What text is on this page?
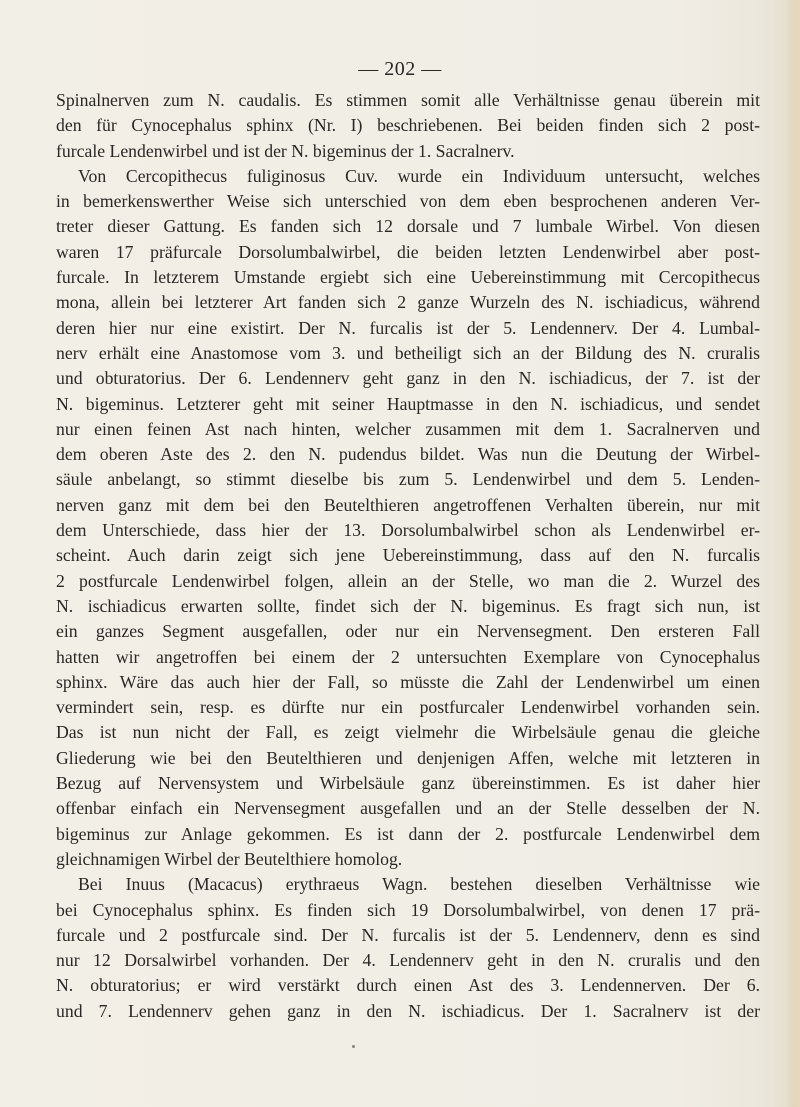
— 202 —

Spinalnerven zum N. caudalis. Es stimmen somit alle Verhältnisse genau überein mit
den für Cynocephalus sphinx (Nr. I) beschriebenen. Bei beiden finden sich 2 post-
furcale Lendenwirbel und ist der N. bigeminus der 1. Sacralnerv.

Von Cercopithecus fuliginosus Cuv. wurde ein Individuum untersucht, welches
in bemerkenswerther Weise sich unterschied von dem eben besprochenen anderen Ver-
treter dieser Gattung. Es fanden sich 12 dorsale und 7 lumbale Wirbel. Von diesen
waren 17 präfurcale Dorsolumbalwirbel, die beiden letzten Lendenwirbel aber post-
furcale. In letzterem Umstande ergiebt sich eine Uebereinstimmung mit Cercopithecus
mona, allein bei letzterer Art fanden sich 2 ganze Wurzeln des N. ischiadicus, während
deren hier nur eine existirt. Der N. furcalis ist der 5. Lendennerv. Der 4. Lumbal-
nerv erhält eine Anastomose vom 3. und betheiligt sich an der Bildung des N. cruralis
und obturatorius. Der 6. Lendennerv geht ganz in den N. ischiadicus, der 7. ist der
N. bigeminus. Letzterer geht mit seiner Hauptmasse in den N. ischiadicus, und sendet
nur einen feinen Ast nach hinten, welcher zusammen mit dem 1. Sacralnerven und
dem oberen Aste des 2. den N. pudendus bildet. Was nun die Deutung der Wirbel-
säule anbelangt, so stimmt dieselbe bis zum 5. Lendenwirbel und dem 5. Lenden-
nerven ganz mit dem bei den Beutelthieren angetroffenen Verhalten überein, nur mit
dem Unterschiede, dass hier der 13. Dorsolumbalwirbel schon als Lendenwirbel er-
scheint. Auch darin zeigt sich jene Uebereinstimmung, dass auf den N. furcalis
2 postfurcale Lendenwirbel folgen, allein an der Stelle, wo man die 2. Wurzel des
N. ischiadicus erwarten sollte, findet sich der N. bigeminus. Es fragt sich nun, ist
ein ganzes Segment ausgefallen, oder nur ein Nervensegment. Den ersteren Fall
hatten wir angetroffen bei einem der 2 untersuchten Exemplare von Cynocephalus
sphinx. Wäre das auch hier der Fall, so müsste die Zahl der Lendenwirbel um einen
vermindert sein, resp. es dürfte nur ein postfurcaler Lendenwirbel vorhanden sein.
Das ist nun nicht der Fall, es zeigt vielmehr die Wirbelsäule genau die gleiche
Gliederung wie bei den Beutelthieren und denjenigen Affen, welche mit letzteren in
Bezug auf Nervensystem und Wirbelsäule ganz übereinstimmen. Es ist daher hier
offenbar einfach ein Nervensegment ausgefallen und an der Stelle desselben der N.
bigeminus zur Anlage gekommen. Es ist dann der 2. postfurcale Lendenwirbel dem
gleichnamigen Wirbel der Beutelthiere homolog.

Bei Inuus (Macacus) erythraeus Wagn. bestehen dieselben Verhältnisse wie
bei Cynocephalus sphinx. Es finden sich 19 Dorsolumbalwirbel, von denen 17 prä-
furcale und 2 postfurcale sind. Der N. furcalis ist der 5. Lendennerv, denn es sind
nur 12 Dorsalwirbel vorhanden. Der 4. Lendennerv geht in den N. cruralis und den
N. obturatorius; er wird verstärkt durch einen Ast des 3. Lendennerven. Der 6.
und 7. Lendennerv gehen ganz in den N. ischiadicus. Der 1. Sacralnerv ist der
